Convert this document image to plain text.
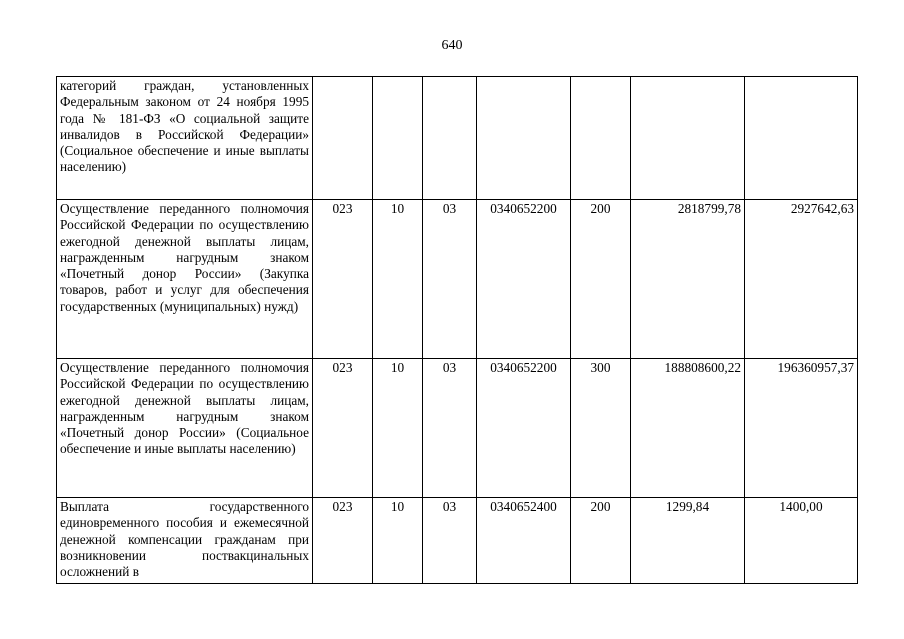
640
категорий граждан, установленных Федеральным законом от 24 ноября 1995 года № 181-ФЗ «О социальной защите инвалидов в Российской Федерации» (Социальное обеспечение и иные выплаты населению)							
Осуществление переданного полномочия Российской Федерации по осуществлению ежегодной денежной выплаты лицам, награжденным нагрудным знаком «Почетный донор России» (Закупка товаров, работ и услуг для обеспечения государственных (муниципальных) нужд)	023	10	03	0340652200	200	2818799,78	2927642,63
Осуществление переданного полномочия Российской Федерации по осуществлению ежегодной денежной выплаты лицам, награжденным нагрудным знаком «Почетный донор России» (Социальное обеспечение и иные выплаты населению)	023	10	03	0340652200	300	188808600,22	196360957,37

Выплата государственного единовременного пособия и ежемесячной денежной компенсации гражданам при возникновении поствакцинальных осложнений в	023	10	03	0340652400	200	1299,84	1400,00
